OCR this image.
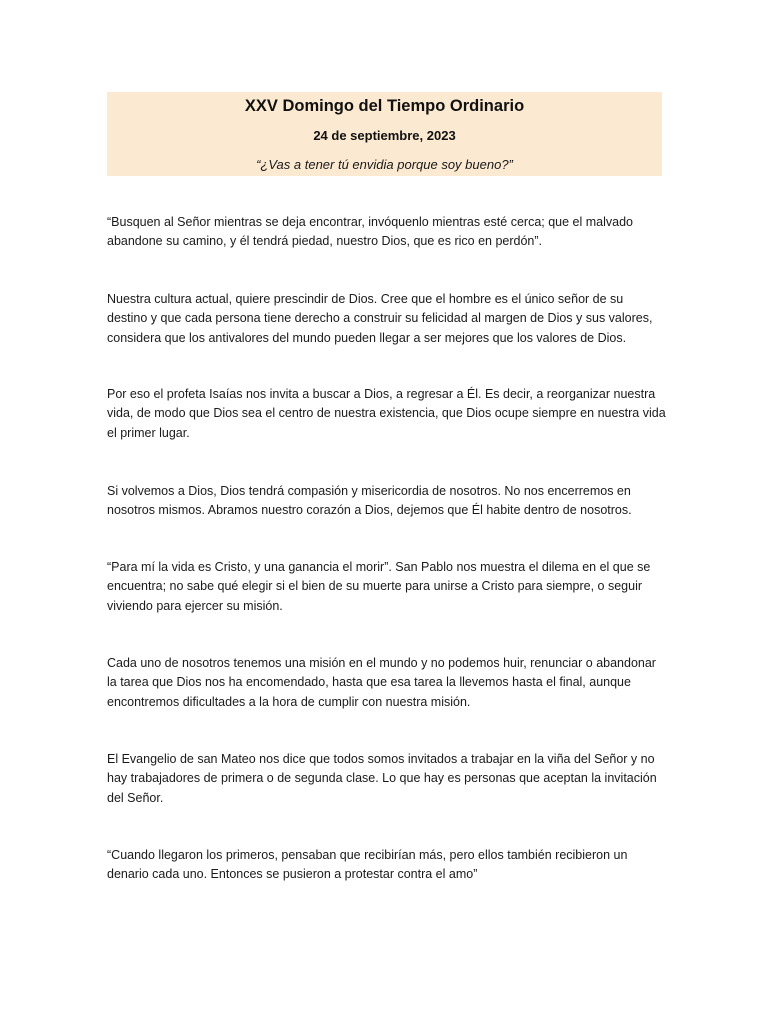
XXV Domingo del Tiempo Ordinario
24 de septiembre, 2023
“¿Vas a tener tú envidia porque soy bueno?”

“Busquen al Señor mientras se deja encontrar, invóquenlo mientras esté cerca; que el malvado abandone su camino, y él tendrá piedad, nuestro Dios, que es rico en perdón”.

Nuestra cultura actual, quiere prescindir de Dios. Cree que el hombre es el único señor de su destino y que cada persona tiene derecho a construir su felicidad al margen de Dios y sus valores, considera que los antivalores del mundo pueden llegar a ser mejores que los valores de Dios.

Por eso el profeta Isaías nos invita a buscar a Dios, a regresar a Él. Es decir, a reorganizar nuestra vida, de modo que Dios sea el centro de nuestra existencia, que Dios ocupe siempre en nuestra vida el primer lugar.

Si volvemos a Dios, Dios tendrá compasión y misericordia de nosotros. No nos encerremos en nosotros mismos. Abramos nuestro corazón a Dios, dejemos que Él habite dentro de nosotros.

“Para mí la vida es Cristo, y una ganancia el morir”. San Pablo nos muestra el dilema en el que se encuentra; no sabe qué elegir si el bien de su muerte para unirse a Cristo para siempre, o seguir viviendo para ejercer su misión.

Cada uno de nosotros tenemos una misión en el mundo y no podemos huir, renunciar o abandonar la tarea que Dios nos ha encomendado, hasta que esa tarea la llevemos hasta el final, aunque encontremos dificultades a la hora de cumplir con nuestra misión.

El Evangelio de san Mateo nos dice que todos somos invitados a trabajar en la viña del Señor y no hay trabajadores de primera o de segunda clase. Lo que hay es personas que aceptan la invitación del Señor.

“Cuando llegaron los primeros, pensaban que recibirían más, pero ellos también recibieron un denario cada uno. Entonces se pusieron a protestar contra el amo”
